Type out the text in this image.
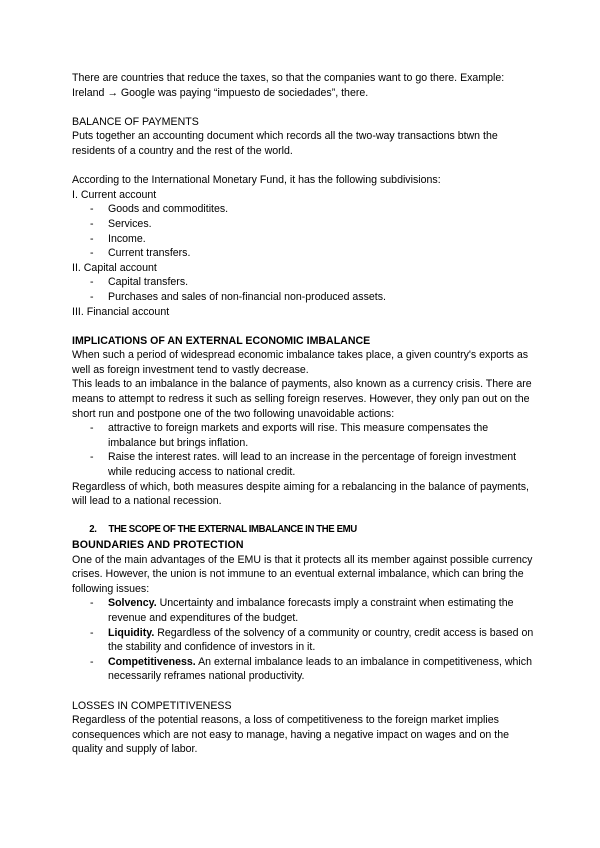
There are countries that reduce the taxes, so that the companies want to go there. Example: Ireland → Google was paying “impuesto de sociedades”, there.

BALANCE OF PAYMENTS

Puts together an accounting document which records all the two-way transactions btwn the residents of a country and the rest of the world.

According to the International Monetary Fund, it has the following subdivisions:

I. Current account

- Goods and commoditites.
- Services.
- Income.
- Current transfers.

II. Capital account

- Capital transfers.
- Purchases and sales of non-financial non-produced assets.

III. Financial account

IMPLICATIONS OF AN EXTERNAL ECONOMIC IMBALANCE

When such a period of widespread economic imbalance takes place, a given country's exports as well as foreign investment tend to vastly decrease.

This leads to an imbalance in the balance of payments, also known as a currency crisis. There are means to attempt to redress it such as selling foreign reserves. However, they only pan out on the short run and postpone one of the two following unavoidable actions:

- attractive to foreign markets and exports will rise. This measure compensates the imbalance but brings inflation.
- Raise the interest rates. will lead to an increase in the percentage of foreign investment while reducing access to national credit.

Regardless of which, both measures despite aiming for a rebalancing in the balance of payments, will lead to a national recession.

2. THE SCOPE OF THE EXTERNAL IMBALANCE IN THE EMU

BOUNDARIES AND PROTECTION

One of the main advantages of the EMU is that it protects all its member against possible currency crises. However, the union is not immune to an eventual external imbalance, which can bring the following issues:

- Solvency. Uncertainty and imbalance forecasts imply a constraint when estimating the revenue and expenditures of the budget.
- Liquidity. Regardless of the solvency of a community or country, credit access is based on the stability and confidence of investors in it.
- Competitiveness. An external imbalance leads to an imbalance in competitiveness, which necessarily reframes national productivity.

LOSSES IN COMPETITIVENESS

Regardless of the potential reasons, a loss of competitiveness to the foreign market implies consequences which are not easy to manage, having a negative impact on wages and on the quality and supply of labor.
